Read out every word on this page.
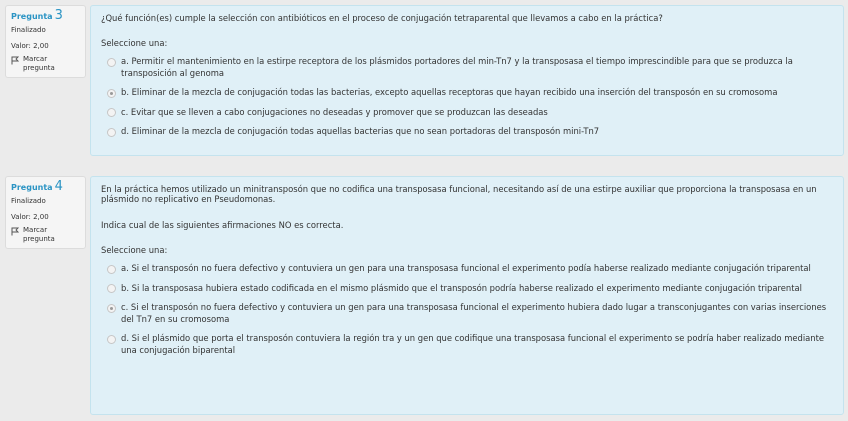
Pregunta 3
Finalizado
Valor: 2,00
Marcar pregunta

¿Qué función(es) cumple la selección con antibióticos en el proceso de conjugación tetraparental que llevamos a cabo en la práctica?

Seleccione una:

a. Permitir el mantenimiento en la estirpe receptora de los plásmidos portadores del min-Tn7 y la transposasa el tiempo imprescindible para que se produzca la transposición al genoma
b. Eliminar de la mezcla de conjugación todas las bacterias, excepto aquellas receptoras que hayan recibido una inserción del transposón en su cromosoma
c. Evitar que se lleven a cabo conjugaciones no deseadas y promover que se produzcan las deseadas
d. Eliminar de la mezcla de conjugación todas aquellas bacterias que no sean portadoras del transposón mini-Tn7
Pregunta 4
Finalizado
Valor: 2,00
Marcar pregunta

En la práctica hemos utilizado un minitransposón que no codifica una transposasa funcional, necesitando así de una estirpe auxiliar que proporciona la transposasa en un plásmido no replicativo en Pseudomonas.

Indica cual de las siguientes afirmaciones NO es correcta.

Seleccione una:

a. Si el transposón no fuera defectivo y contuviera un gen para una transposasa funcional el experimento podía haberse realizado mediante conjugación triparental
b. Si la transposasa hubiera estado codificada en el mismo plásmido que el transposón podría haberse realizado el experimento mediante conjugación triparental
c. Si el transposón no fuera defectivo y contuviera un gen para una transposasa funcional el experimento hubiera dado lugar a transconjugantes con varias inserciones del Tn7 en su cromosoma
d. Si el plásmido que porta el transposón contuviera la región tra y un gen que codifique una transposasa funcional el experimento se podría haber realizado mediante una conjugación biparental
